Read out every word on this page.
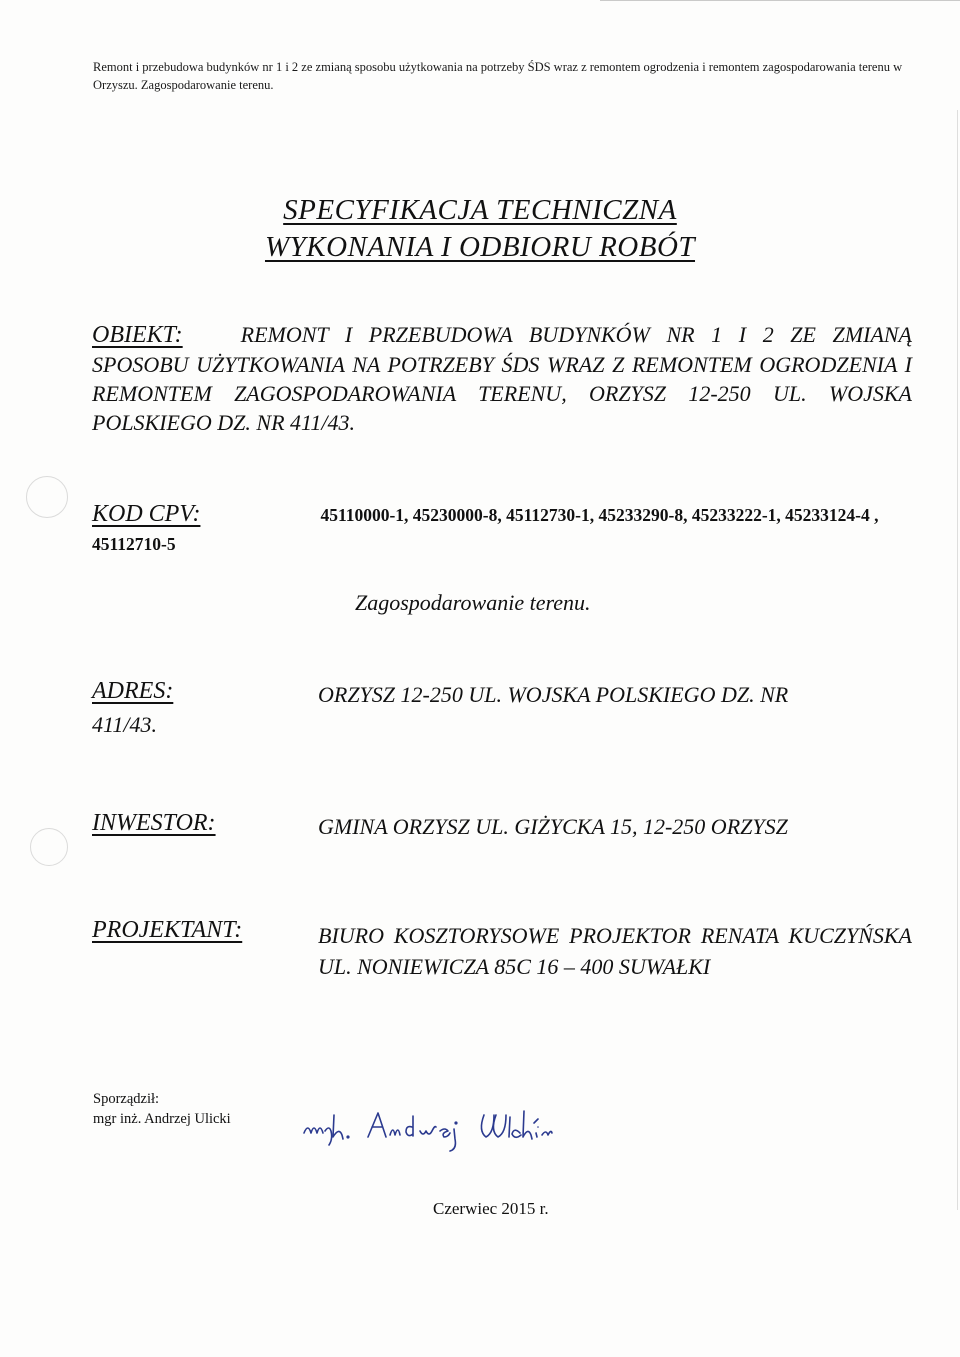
Remont i przebudowa budynków nr 1 i 2 ze zmianą sposobu użytkowania na potrzeby ŚDS wraz z remontem ogrodzenia i remontem zagospodarowania terenu w Orzyszu. Zagospodarowanie terenu.
SPECYFIKACJA TECHNICZNA
WYKONANIA I ODBIORU ROBÓT
OBIEKT:	REMONT I PRZEBUDOWA BUDYNKÓW NR 1 I 2 ZE ZMIANĄ SPOSOBU UŻYTKOWANIA NA POTRZEBY ŚDS WRAZ Z REMONTEM OGRODZENIA I REMONTEM ZAGOSPODAROWANIA TERENU, ORZYSZ 12-250 UL. WOJSKA POLSKIEGO DZ. NR 411/43.
KOD CPV:	45110000-1, 45230000-8, 45112730-1, 45233290-8, 45233222-1, 45233124-4 , 45112710-5
Zagospodarowanie terenu.
ADRES:	ORZYSZ 12-250 UL. WOJSKA POLSKIEGO DZ. NR
411/43.
INWESTOR:	GMINA ORZYSZ UL. GIŻYCKA 15, 12-250 ORZYSZ
PROJEKTANT:	BIURO KOSZTORYSOWE PROJEKTOR RENATA KUCZYŃSKA UL. NONIEWICZA 85C 16 – 400 SUWAŁKI
Sporządził:
mgr inż. Andrzej Ulicki
Czerwiec 2015 r.
